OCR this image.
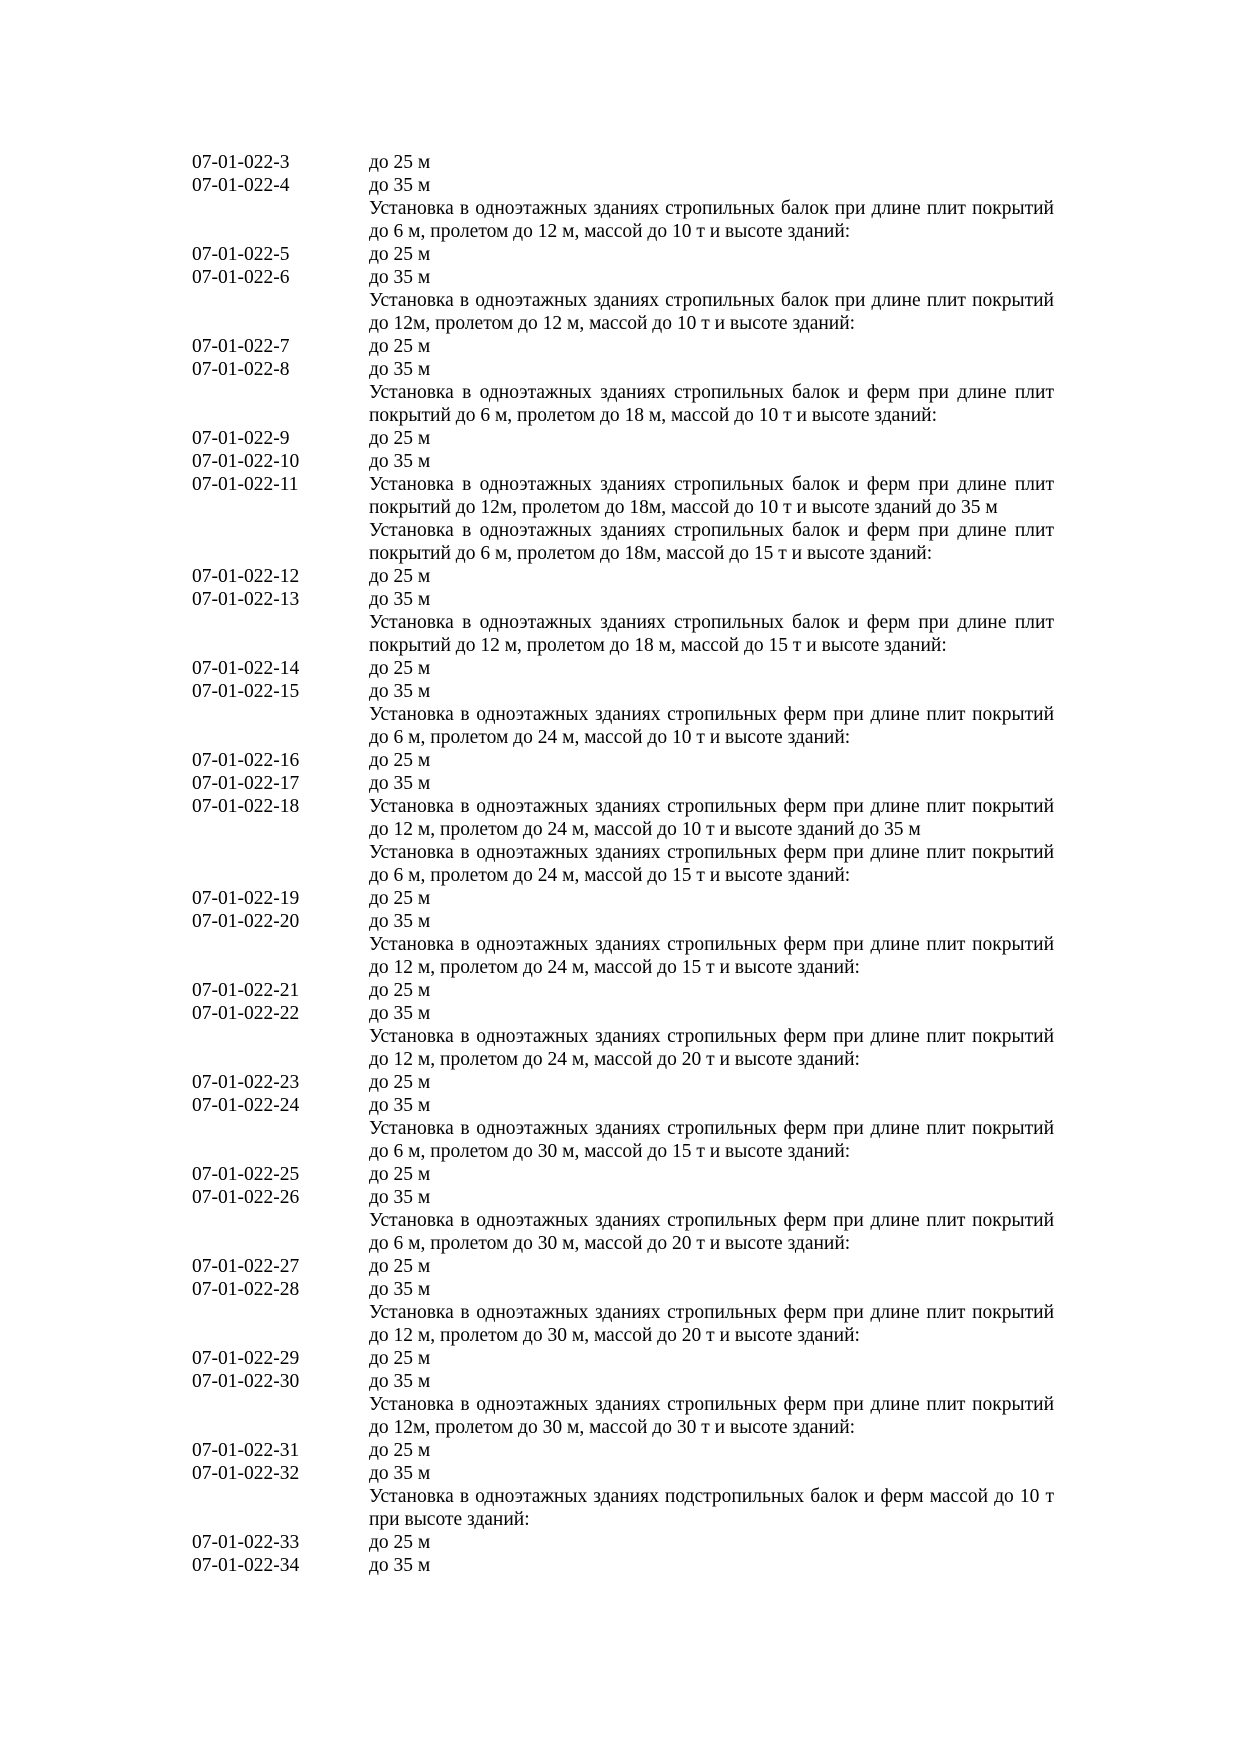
07-01-022-3	до 25 м
07-01-022-4	до 35 м
Установка в одноэтажных зданиях стропильных балок при длине плит покрытий до 6 м, пролетом до 12 м, массой до 10 т и высоте зданий:
07-01-022-5	до 25 м
07-01-022-6	до 35 м
Установка в одноэтажных зданиях стропильных балок при длине плит покрытий до 12м, пролетом до 12 м, массой до 10 т и высоте зданий:
07-01-022-7	до 25 м
07-01-022-8	до 35 м
Установка в одноэтажных зданиях стропильных балок и ферм при длине плит покрытий до 6 м, пролетом до 18 м, массой до 10 т и высоте зданий:
07-01-022-9	до 25 м
07-01-022-10	до 35 м
07-01-022-11	Установка в одноэтажных зданиях стропильных балок и ферм при длине плит покрытий до 12м, пролетом до 18м, массой до 10 т и высоте зданий до 35 м
Установка в одноэтажных зданиях стропильных балок и ферм при длине плит покрытий до 6 м, пролетом до 18м, массой до 15 т и высоте зданий:
07-01-022-12	до 25 м
07-01-022-13	до 35 м
Установка в одноэтажных зданиях стропильных балок и ферм при длине плит покрытий до 12 м, пролетом до 18 м, массой до 15 т и высоте зданий:
07-01-022-14	до 25 м
07-01-022-15	до 35 м
Установка в одноэтажных зданиях стропильных ферм при длине плит покрытий до 6 м, пролетом до 24 м, массой до 10 т и высоте зданий:
07-01-022-16	до 25 м
07-01-022-17	до 35 м
07-01-022-18	Установка в одноэтажных зданиях стропильных ферм при длине плит покрытий до 12 м, пролетом до 24 м, массой до 10 т и высоте зданий до 35 м
Установка в одноэтажных зданиях стропильных ферм при длине плит покрытий до 6 м, пролетом до 24 м, массой до 15 т и высоте зданий:
07-01-022-19	до 25 м
07-01-022-20	до 35 м
Установка в одноэтажных зданиях стропильных ферм при длине плит покрытий до 12 м, пролетом до 24 м, массой до 15 т и высоте зданий:
07-01-022-21	до 25 м
07-01-022-22	до 35 м
Установка в одноэтажных зданиях стропильных ферм при длине плит покрытий до 12 м, пролетом до 24 м, массой до 20 т и высоте зданий:
07-01-022-23	до 25 м
07-01-022-24	до 35 м
Установка в одноэтажных зданиях стропильных ферм при длине плит покрытий до 6 м, пролетом до 30 м, массой до 15 т и высоте зданий:
07-01-022-25	до 25 м
07-01-022-26	до 35 м
Установка в одноэтажных зданиях стропильных ферм при длине плит покрытий до 6 м, пролетом до 30 м, массой до 20 т и высоте зданий:
07-01-022-27	до 25 м
07-01-022-28	до 35 м
Установка в одноэтажных зданиях стропильных ферм при длине плит покрытий до 12 м, пролетом до 30 м, массой до 20 т и высоте зданий:
07-01-022-29	до 25 м
07-01-022-30	до 35 м
Установка в одноэтажных зданиях стропильных ферм при длине плит покрытий до 12м, пролетом до 30 м, массой до 30 т и высоте зданий:
07-01-022-31	до 25 м
07-01-022-32	до 35 м
Установка в одноэтажных зданиях подстропильных балок и ферм массой до 10 т при высоте зданий:
07-01-022-33	до 25 м
07-01-022-34	до 35 м
